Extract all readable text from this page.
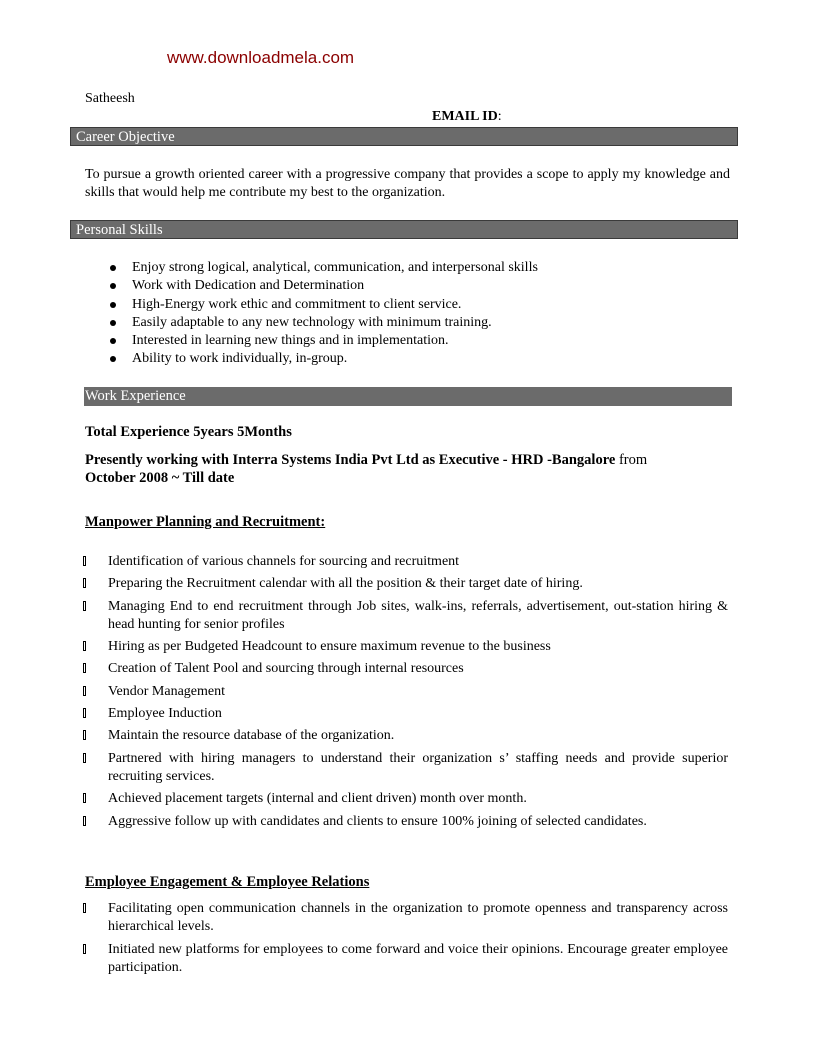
www.downloadmela.com
Satheesh
EMAIL ID:
Career Objective
To pursue a growth oriented career with a progressive company that provides a scope to apply my knowledge and skills that would help me contribute my best to the organization.
Personal Skills
Enjoy strong logical, analytical, communication, and interpersonal skills
Work with Dedication and Determination
High-Energy work ethic and commitment to client service.
Easily adaptable to any new technology with minimum training.
Interested in learning new things and in implementation.
Ability to work individually, in-group.
Work Experience
Total Experience 5years 5Months
Presently working with Interra Systems India Pvt Ltd as Executive - HRD -Bangalore from
October 2008 ~ Till date
Manpower Planning and Recruitment:
Identification of various channels for sourcing and recruitment
Preparing the Recruitment calendar with all the position & their target date of hiring.
Managing End to end recruitment through Job sites, walk-ins, referrals, advertisement, out-station hiring & head hunting for senior profiles
Hiring as per Budgeted Headcount to ensure maximum revenue to the business
Creation of Talent Pool and sourcing through internal resources
Vendor Management
Employee Induction
Maintain the resource database of the organization.
Partnered with hiring managers to understand their organization s’ staffing needs and provide superior recruiting services.
Achieved placement targets (internal and client driven) month over month.
Aggressive follow up with candidates and clients to ensure 100% joining of selected candidates.
Employee Engagement & Employee Relations
Facilitating open communication channels in the organization to promote openness and transparency across hierarchical levels.
Initiated new platforms for employees to come forward and voice their opinions. Encourage greater employee participation.
